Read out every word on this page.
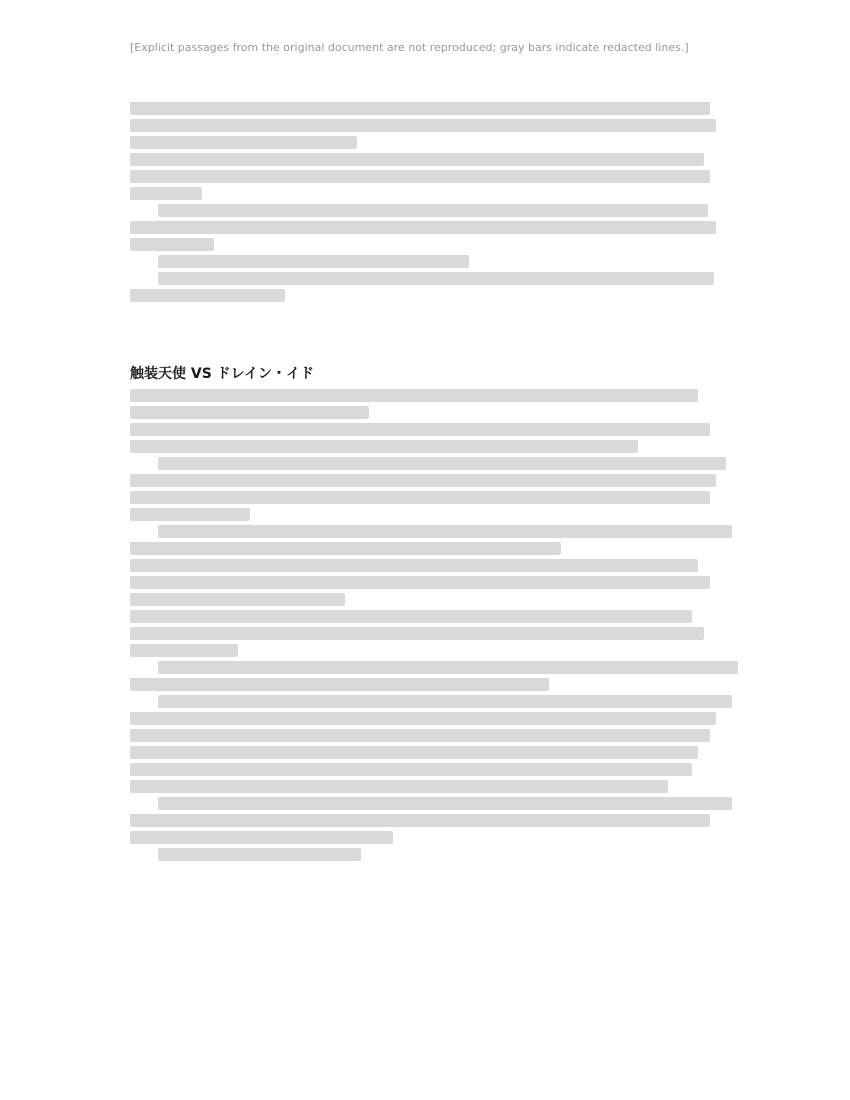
[Explicit passages from the original document are not reproduced; gray bars indicate redacted lines.]
触装天使 VS ドレイン・イド
